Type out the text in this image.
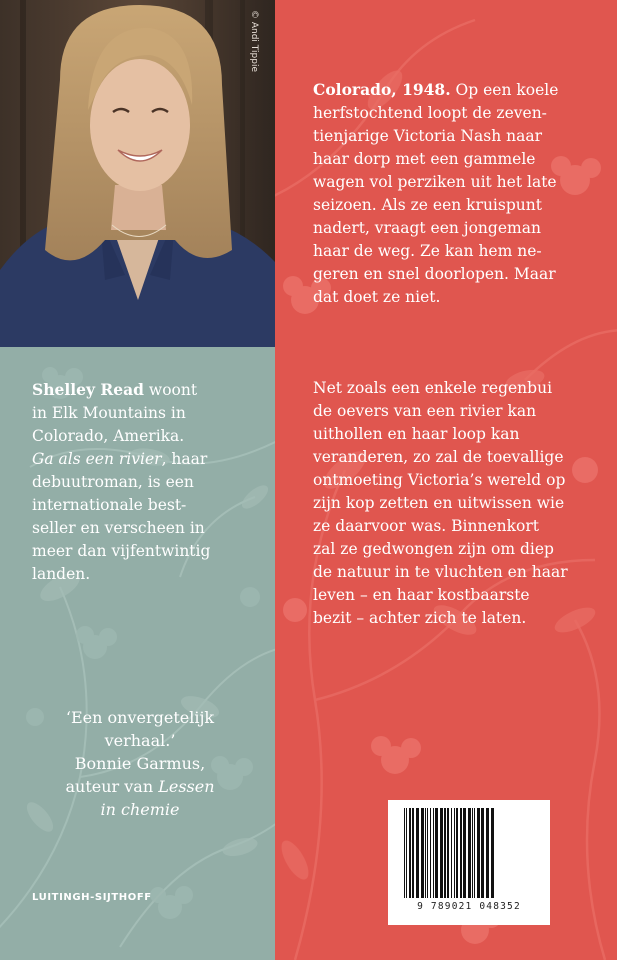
© Andi Tippie
Shelley Read woont
in Elk Mountains in
Colorado, Amerika.
Ga als een rivier, haar
debuutroman, is een
internationale best-
seller en verscheen in
meer dan vijfentwintig
landen.
‘Een onvergetelijk
verhaal.’
Bonnie Garmus,
auteur van Lessen
in chemie
LUITINGH-SIJTHOFF
Colorado, 1948. Op een koele
herfstochtend loopt de zeven-
tienjarige Victoria Nash naar
haar dorp met een gammele
wagen vol perziken uit het late
seizoen. Als ze een kruispunt
nadert, vraagt een jongeman
haar de weg. Ze kan hem ne-
geren en snel doorlopen. Maar
dat doet ze niet.
Net zoals een enkele regenbui
de oevers van een rivier kan
uithollen en haar loop kan
veranderen, zo zal de toevallige
ontmoeting Victoria’s wereld op
zijn kop zetten en uitwissen wie
ze daarvoor was. Binnenkort
zal ze gedwongen zijn om diep
de natuur in te vluchten en haar
leven – en haar kostbaarste
bezit – achter zich te laten.
9 789021 048352
